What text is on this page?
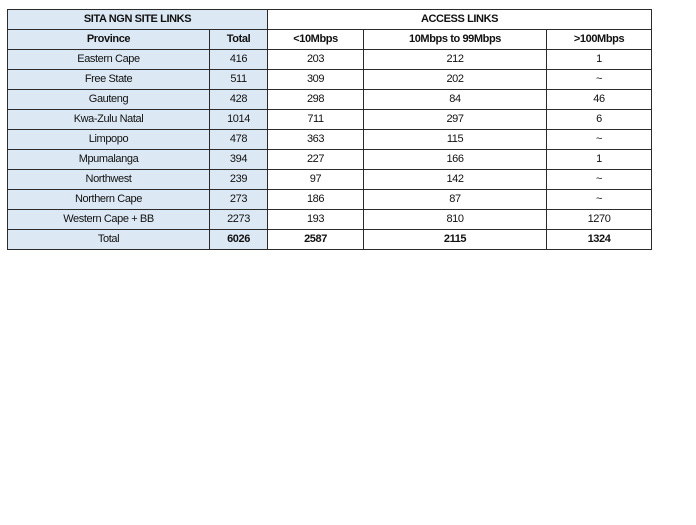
SITA NGN SITE LINKS		ACCESS LINKS		
Province	Total	<10Mbps	10Mbps to 99Mbps	>100Mbps
Eastern Cape	416	203	212	1
Free State	511	309	202	~
Gauteng	428	298	84	46
Kwa-Zulu Natal	1014	711	297	6
Limpopo	478	363	115	~
Mpumalanga	394	227	166	1
Northwest	239	97	142	~
Northern Cape	273	186	87	~
Western Cape + BB	2273	193	810	1270
Total	6026	2587	2115	1324
